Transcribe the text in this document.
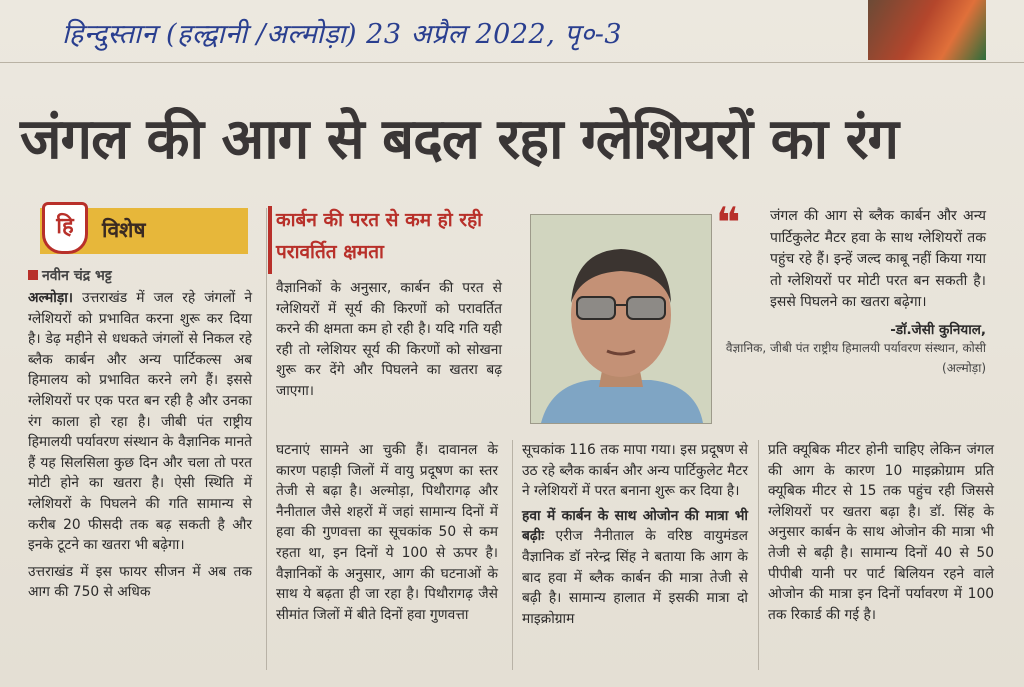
हिन्दुस्तान (हल्द्वानी /अल्मोड़ा) 23 अप्रैल 2022, पृ०-3
जंगल की आग से बदल रहा ग्लेशियरों का रंग
हि	विशेष
नवीन चंद्र भट्ट
अल्मोड़ा। उत्तराखंड में जल रहे जंगलों ने ग्लेशियरों को प्रभावित करना शुरू कर दिया है। डेढ़ महीने से धधकते जंगलों से निकल रहे ब्लैक कार्बन और अन्य पार्टिकल्स अब हिमालय को प्रभावित करने लगे हैं। इससे ग्लेशियरों पर एक परत बन रही है और उनका रंग काला हो रहा है। जीबी पंत राष्ट्रीय हिमालयी पर्यावरण संस्थान के वैज्ञानिक मानते हैं यह सिलसिला कुछ दिन और चला तो परत मोटी होने का खतरा है। ऐसी स्थिति में ग्लेशियरों के पिघलने की गति सामान्य से करीब 20 फीसदी तक बढ़ सकती है और इनके टूटने का खतरा भी बढ़ेगा।
उत्तराखंड में इस फायर सीजन में अब तक आग की 750 से अधिक
कार्बन की परत से कम हो रही परावर्तित क्षमता
वैज्ञानिकों के अनुसार, कार्बन की परत से ग्लेशियरों में सूर्य की किरणों को परावर्तित करने की क्षमता कम हो रही है। यदि गति यही रही तो ग्लेशियर सूर्य की किरणों को सोखना शुरू कर देंगे और पिघलने का खतरा बढ़ जाएगा।
❝ जंगल की आग से ब्लैक कार्बन और अन्य पार्टिकुलेट मैटर हवा के साथ ग्लेशियरों तक पहुंच रहे हैं। इन्हें जल्द काबू नहीं किया गया तो ग्लेशियरों पर मोटी परत बन सकती है। इससे पिघलने का खतरा बढ़ेगा।
-डॉ.जेसी कुनियाल,
वैज्ञानिक, जीबी पंत राष्ट्रीय हिमालयी पर्यावरण संस्थान, कोसी (अल्मोड़ा)
घटनाएं सामने आ चुकी हैं। दावानल के कारण पहाड़ी जिलों में वायु प्रदूषण का स्तर तेजी से बढ़ा है। अल्मोड़ा, पिथौरागढ़ और नैनीताल जैसे शहरों में जहां सामान्य दिनों में हवा की गुणवत्ता का सूचकांक 50 से कम रहता था, इन दिनों ये 100 से ऊपर है। वैज्ञानिकों के अनुसार, आग की घटनाओं के साथ ये बढ़ता ही जा रहा है। पिथौरागढ़ जैसे सीमांत जिलों में बीते दिनों हवा गुणवत्ता
सूचकांक 116 तक मापा गया। इस प्रदूषण से उठ रहे ब्लैक कार्बन और अन्य पार्टिकुलेट मैटर ने ग्लेशियरों में परत बनाना शुरू कर दिया है।
हवा में कार्बन के साथ ओजोन की मात्रा भी बढ़ीः एरीज नैनीताल के वरिष्ठ वायुमंडल वैज्ञानिक डॉ नरेन्द्र सिंह ने बताया कि आग के बाद हवा में ब्लैक कार्बन की मात्रा तेजी से बढ़ी है। सामान्य हालात में इसकी मात्रा दो माइक्रोग्राम
प्रति क्यूबिक मीटर होनी चाहिए लेकिन जंगल की आग के कारण 10 माइक्रोग्राम प्रति क्यूबिक मीटर से 15 तक पहुंच रही जिससे ग्लेशियरों पर खतरा बढ़ा है। डॉ. सिंह के अनुसार कार्बन के साथ ओजोन की मात्रा भी तेजी से बढ़ी है। सामान्य दिनों 40 से 50 पीपीबी यानी पर पार्ट बिलियन रहने वाले ओजोन की मात्रा इन दिनों पर्यावरण में 100 तक रिकार्ड की गई है।
